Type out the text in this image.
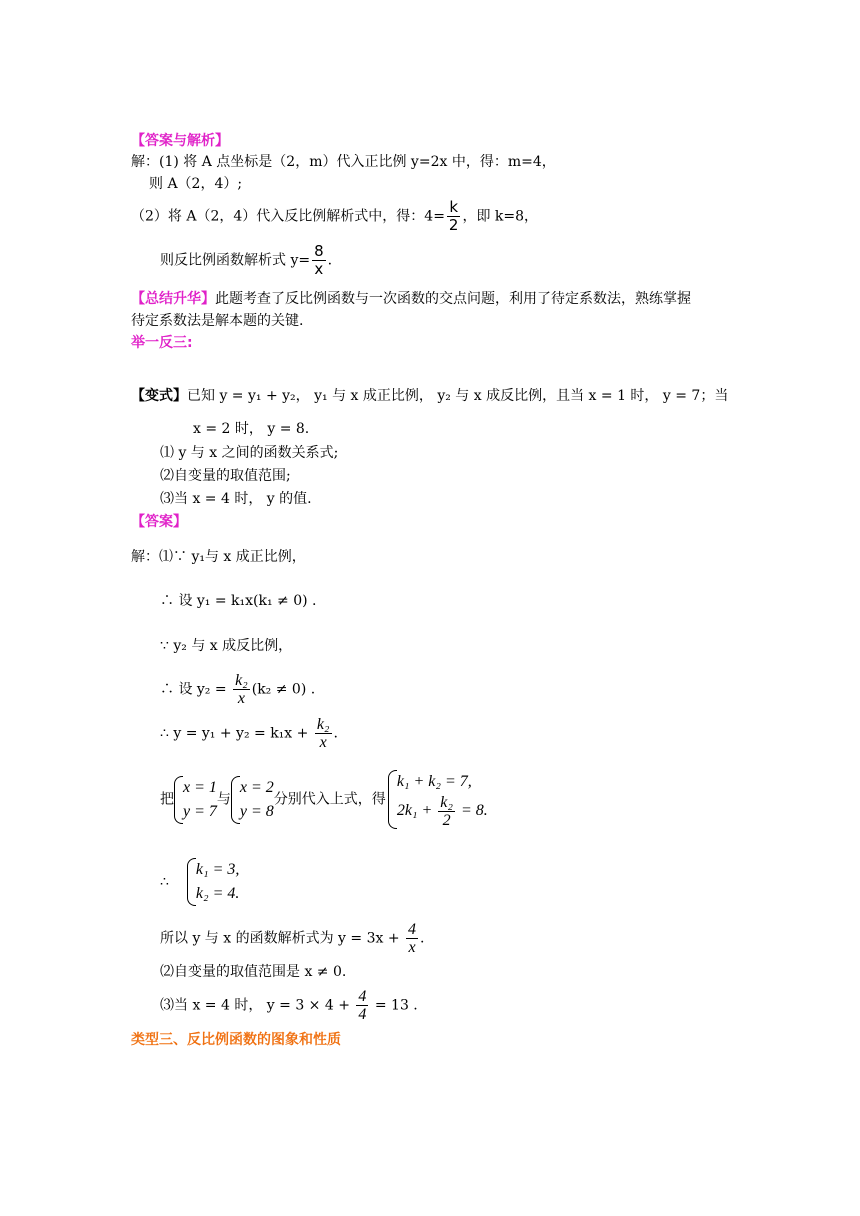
【答案与解析】
解：(1) 将 A 点坐标是（2，m）代入正比例 y=2x 中，得：m=4，
则 A（2，4）;
（2）将 A（2，4）代入反比例解析式中，得：$4= \frac{k}{2}$ ，即 k=8，
则反比例函数解析式 $y= \frac{8}{x}$ .
【总结升华】此题考查了反比例函数与一次函数的交点问题，利用了待定系数法，熟练掌握
待定系数法是解本题的关键.
举一反三:
【变式】已知 y = y₁ + y₂， y₁ 与 x 成正比例， y₂ 与 x 成反比例，且当 x = 1 时， y = 7；当
x = 2 时， y = 8.
⑴ y 与 x 之间的函数关系式;
⑵自变量的取值范围;
⑶当 x = 4 时， y 的值.
【答案】
解：⑴∵ y₁与 x 成正比例，
∴ 设 y₁ = k₁x(k₁ ≠ 0) .
∵ y₂ 与 x 成反比例，
∴ 设 $y_2 = \frac{\text{k₂}}{x} (k_2 \ne 0)$ .
∴ $y = y_1 + y_2 = k_1x + \frac{\text{k₂}}{x}$ .
把
x = 1
y = 7
与
x = 2
y = 8
分别代入上式，得
k₁ + k₂ = 7,
$2k_1 + \frac{\text{k₂}}{2} = 8$.
∴
k₁ = 3,
k₂ = 4.
所以 y 与 x 的函数解析式为 $y = 3x + \frac{4}{x}$ .
⑵自变量的取值范围是 x ≠ 0.
⑶当 x = 4 时， $y = 3 \times 4 + \frac{4}{4} = 13$ .
类型三、反比例函数的图象和性质
